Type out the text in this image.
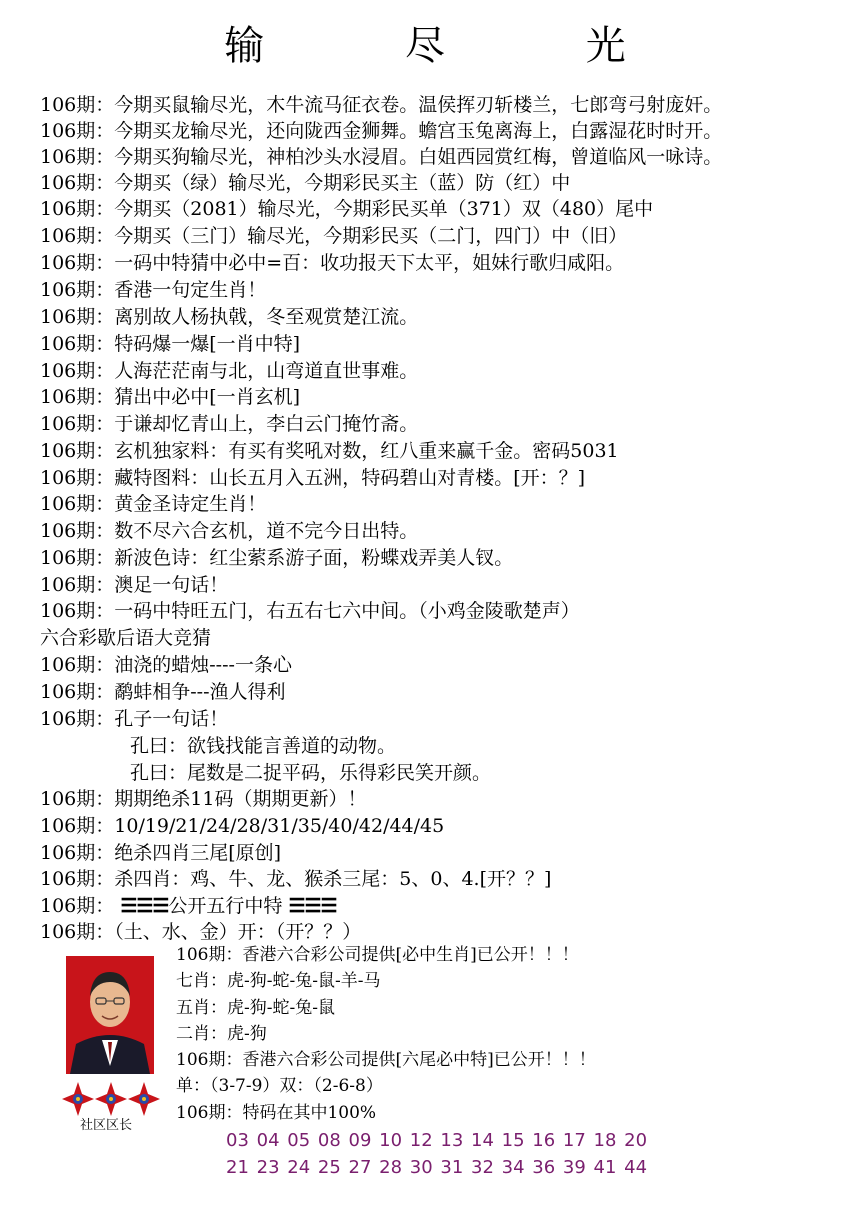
输 尽 光
106期：今期买鼠输尽光，木牛流马征衣卷。温侯挥刃斩楼兰，七郎弯弓射庞奸。
106期：今期买龙输尽光，还向陇西金狮舞。蟾宫玉兔离海上，白露湿花时时开。
106期：今期买狗输尽光，神柏沙头水浸眉。白姐西园赏红梅，曾道临风一咏诗。
106期：今期买（绿）输尽光，今期彩民买主（蓝）防（红）中
106期：今期买（2081）输尽光，今期彩民买单（371）双（480）尾中
106期：今期买（三门）输尽光，今期彩民买（二门，四门）中（旧）
106期：一码中特猜中必中=百：收功报天下太平，姐妹行歌归咸阳。
106期：香港一句定生肖！
106期：离别故人杨执戟，冬至观赏楚江流。
106期：特码爆一爆[一肖中特]
106期：人海茫茫南与北，山弯道直世事难。
106期：猜出中必中[一肖玄机]
106期：于谦却忆青山上，李白云门掩竹斋。
106期：玄机独家料：有买有奖吼对数，红八重来赢千金。密码5031
106期：藏特图料：山长五月入五洲，特码碧山对青楼。[开：？]
106期：黄金圣诗定生肖！
106期：数不尽六合玄机，道不完今日出特。
106期：新波色诗：红尘萦系游子面，粉蝶戏弄美人钗。
106期：澳足一句话！
106期：一码中特旺五门，右五右七六中间。（小鸡金陵歌楚声）
六合彩歇后语大竞猜
106期：油浇的蜡烛----一条心
106期：鹬蚌相争---渔人得利
106期：孔子一句话！
孔曰：欲钱找能言善道的动物。
孔曰：尾数是二捉平码，乐得彩民笑开颜。
106期：期期绝杀11码（期期更新）！
106期：10/19/21/24/28/31/35/40/42/44/45
106期：绝杀四肖三尾[原创]
106期：杀四肖：鸡、牛、龙、猴杀三尾：5、0、4.[开？？]
106期： ☰☰☰公开五行中特 ☰☰☰
106期：（土、水、金）开：（开？？）
社区区长
106期：香港六合彩公司提供[必中生肖]已公开！！！
七肖：虎-狗-蛇-兔-鼠-羊-马
五肖：虎-狗-蛇-兔-鼠
二肖：虎-狗
106期：香港六合彩公司提供[六尾必中特]已公开！！！
单：（3-7-9）双：（2-6-8）
106期：特码在其中100%
03 04 05 08 09 10 12 13 14 15 16 17 18 20
21 23 24 25 27 28 30 31 32 34 36 39 41 44
